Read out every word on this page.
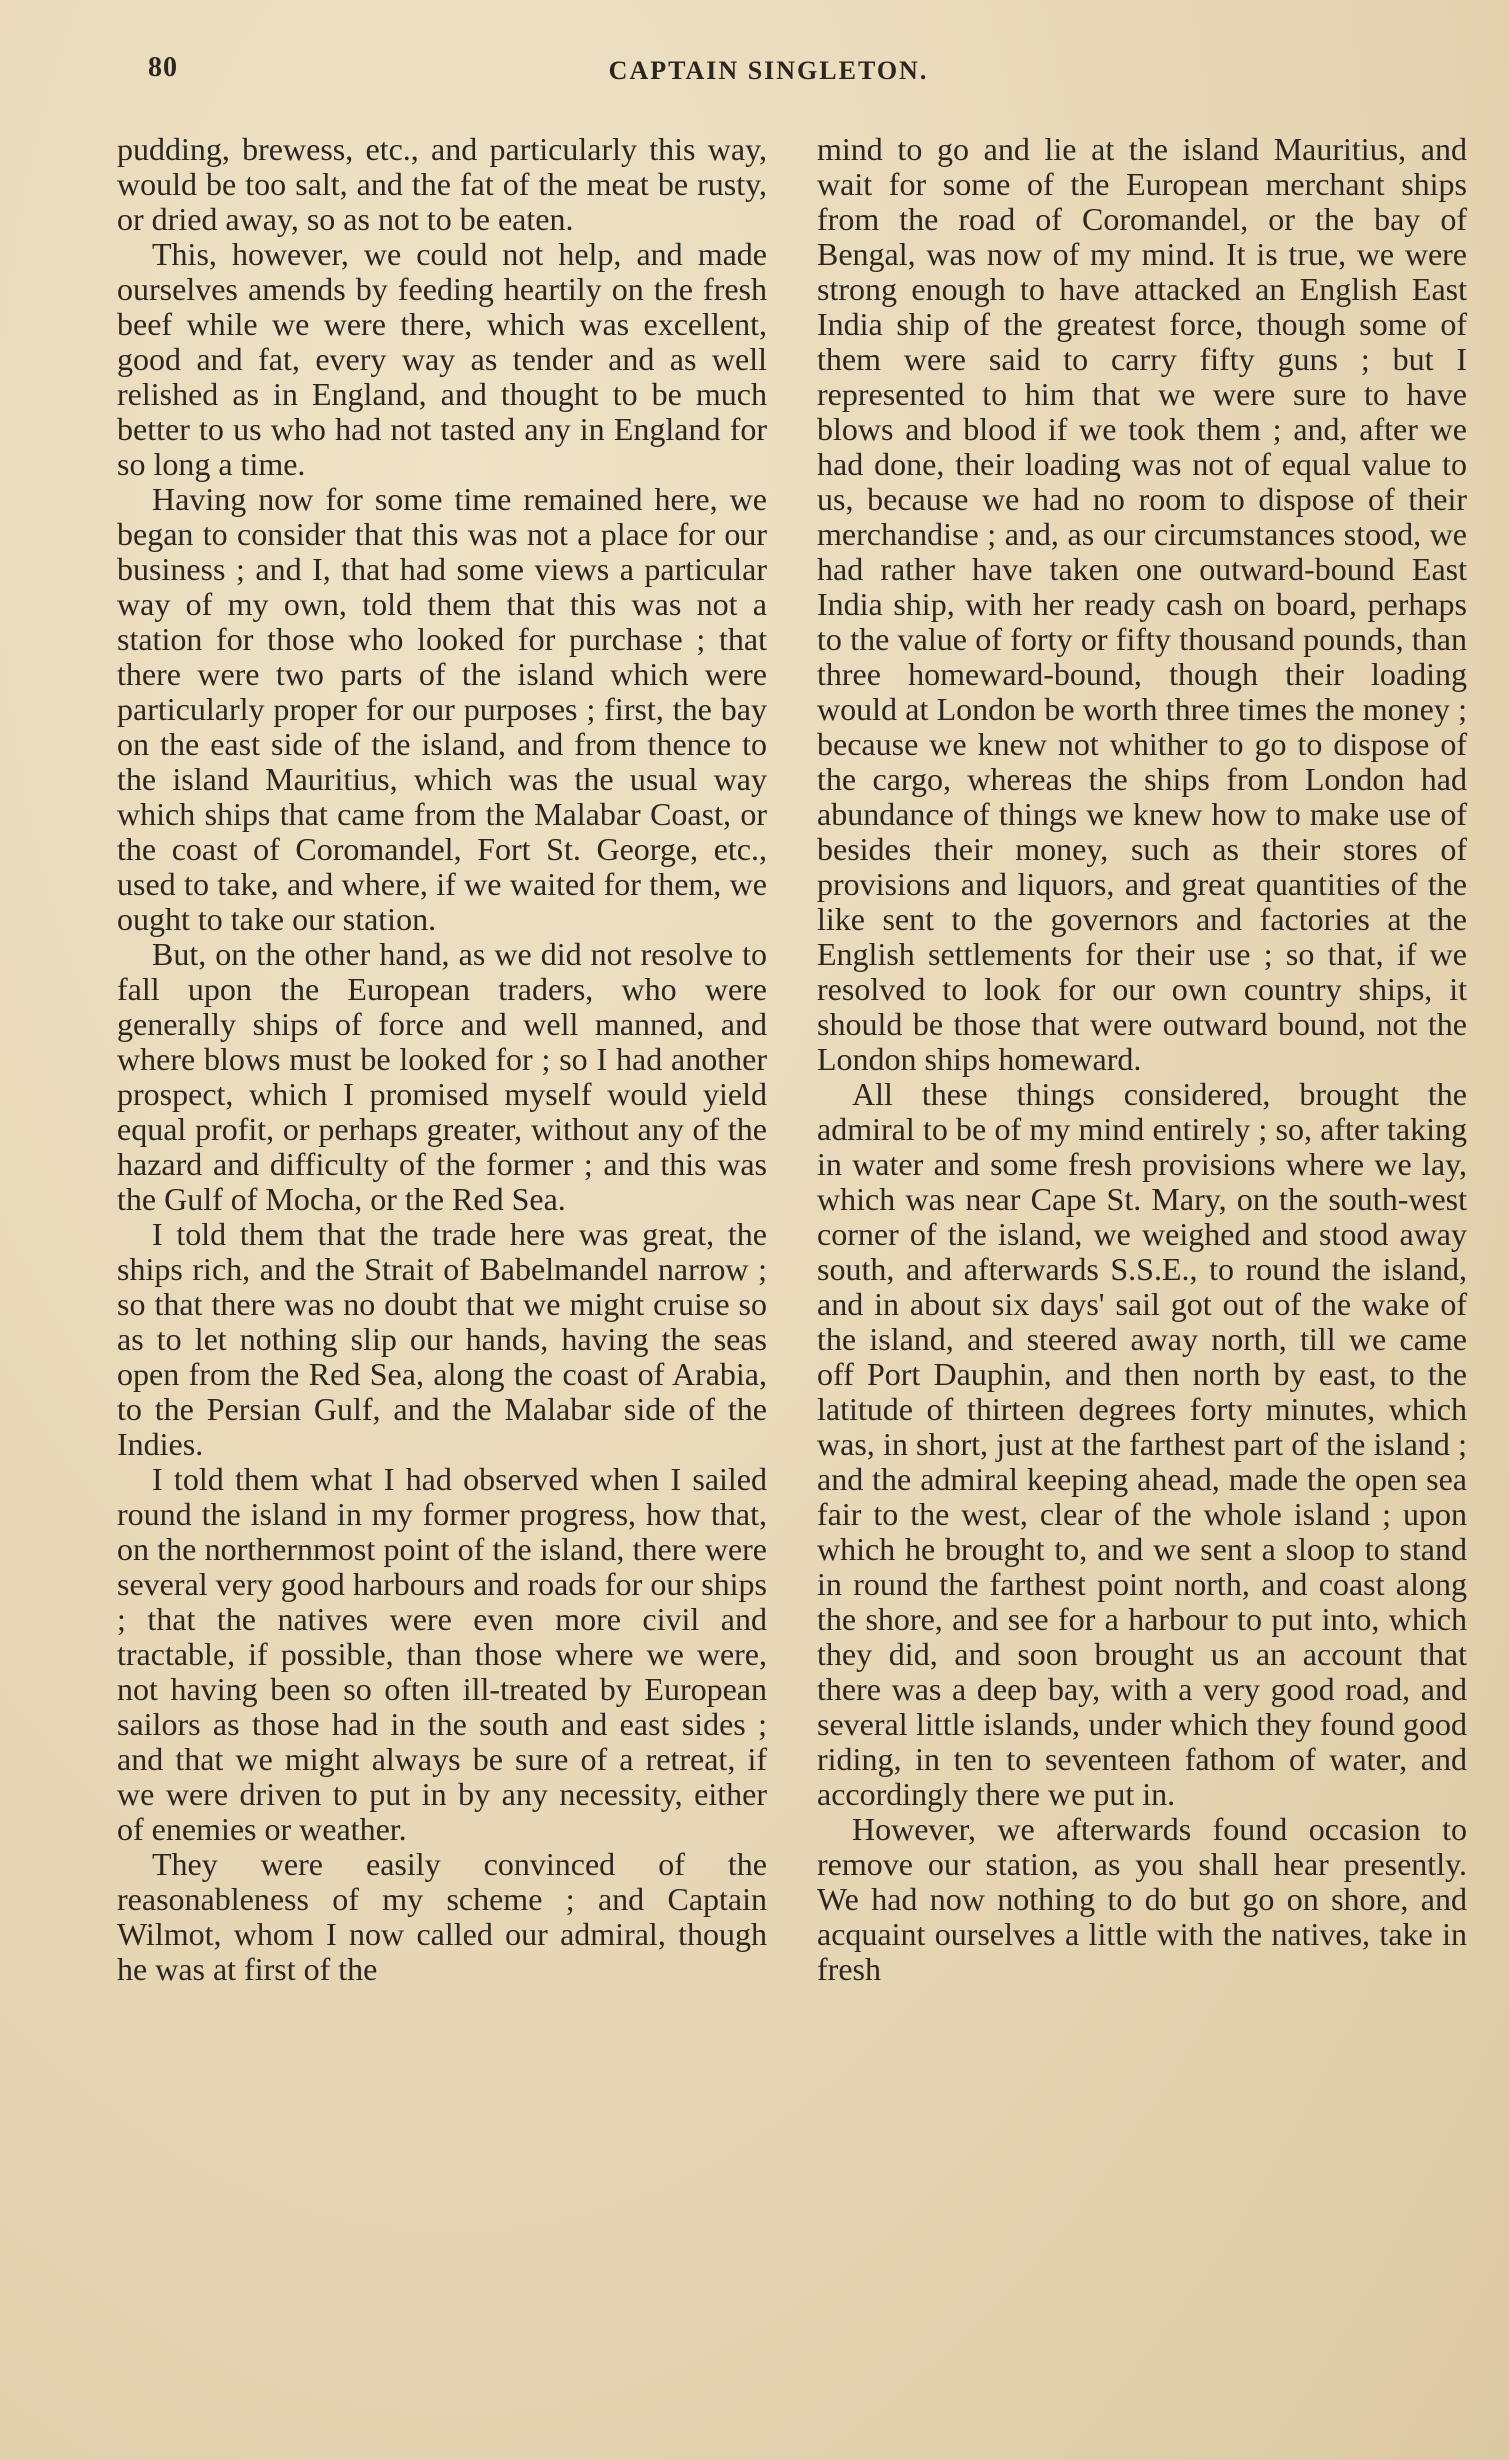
80	CAPTAIN SINGLETON.

pudding, brewess, etc., and particularly this way, would be too salt, and the fat of the meat be rusty, or dried away, so as not to be eaten.

This, however, we could not help, and made ourselves amends by feeding heartily on the fresh beef while we were there, which was excellent, good and fat, every way as tender and as well relished as in England, and thought to be much better to us who had not tasted any in England for so long a time.

Having now for some time remained here, we began to consider that this was not a place for our business ; and I, that had some views a particular way of my own, told them that this was not a station for those who looked for purchase ; that there were two parts of the island which were particularly proper for our purposes ; first, the bay on the east side of the island, and from thence to the island Mauritius, which was the usual way which ships that came from the Malabar Coast, or the coast of Coromandel, Fort St. George, etc., used to take, and where, if we waited for them, we ought to take our station.

But, on the other hand, as we did not resolve to fall upon the European traders, who were generally ships of force and well manned, and where blows must be looked for ; so I had another prospect, which I promised myself would yield equal profit, or perhaps greater, without any of the hazard and difficulty of the former ; and this was the Gulf of Mocha, or the Red Sea.

I told them that the trade here was great, the ships rich, and the Strait of Babelmandel narrow ; so that there was no doubt that we might cruise so as to let nothing slip our hands, having the seas open from the Red Sea, along the coast of Arabia, to the Persian Gulf, and the Malabar side of the Indies.

I told them what I had observed when I sailed round the island in my former progress, how that, on the northernmost point of the island, there were several very good harbours and roads for our ships ; that the natives were even more civil and tractable, if possible, than those where we were, not having been so often ill-treated by European sailors as those had in the south and east sides ; and that we might always be sure of a retreat, if we were driven to put in by any necessity, either of enemies or weather.

They were easily convinced of the reasonableness of my scheme ; and Captain Wilmot, whom I now called our admiral, though he was at first of the

mind to go and lie at the island Mauritius, and wait for some of the European merchant ships from the road of Coromandel, or the bay of Bengal, was now of my mind. It is true, we were strong enough to have attacked an English East India ship of the greatest force, though some of them were said to carry fifty guns ; but I represented to him that we were sure to have blows and blood if we took them ; and, after we had done, their loading was not of equal value to us, because we had no room to dispose of their merchandise ; and, as our circumstances stood, we had rather have taken one outward-bound East India ship, with her ready cash on board, perhaps to the value of forty or fifty thousand pounds, than three homeward-bound, though their loading would at London be worth three times the money ; because we knew not whither to go to dispose of the cargo, whereas the ships from London had abundance of things we knew how to make use of besides their money, such as their stores of provisions and liquors, and great quantities of the like sent to the governors and factories at the English settlements for their use ; so that, if we resolved to look for our own country ships, it should be those that were outward bound, not the London ships homeward.

All these things considered, brought the admiral to be of my mind entirely ; so, after taking in water and some fresh provisions where we lay, which was near Cape St. Mary, on the south-west corner of the island, we weighed and stood away south, and afterwards S.S.E., to round the island, and in about six days' sail got out of the wake of the island, and steered away north, till we came off Port Dauphin, and then north by east, to the latitude of thirteen degrees forty minutes, which was, in short, just at the farthest part of the island ; and the admiral keeping ahead, made the open sea fair to the west, clear of the whole island ; upon which he brought to, and we sent a sloop to stand in round the farthest point north, and coast along the shore, and see for a harbour to put into, which they did, and soon brought us an account that there was a deep bay, with a very good road, and several little islands, under which they found good riding, in ten to seventeen fathom of water, and accordingly there we put in.

However, we afterwards found occasion to remove our station, as you shall hear presently. We had now nothing to do but go on shore, and acquaint ourselves a little with the natives, take in fresh
